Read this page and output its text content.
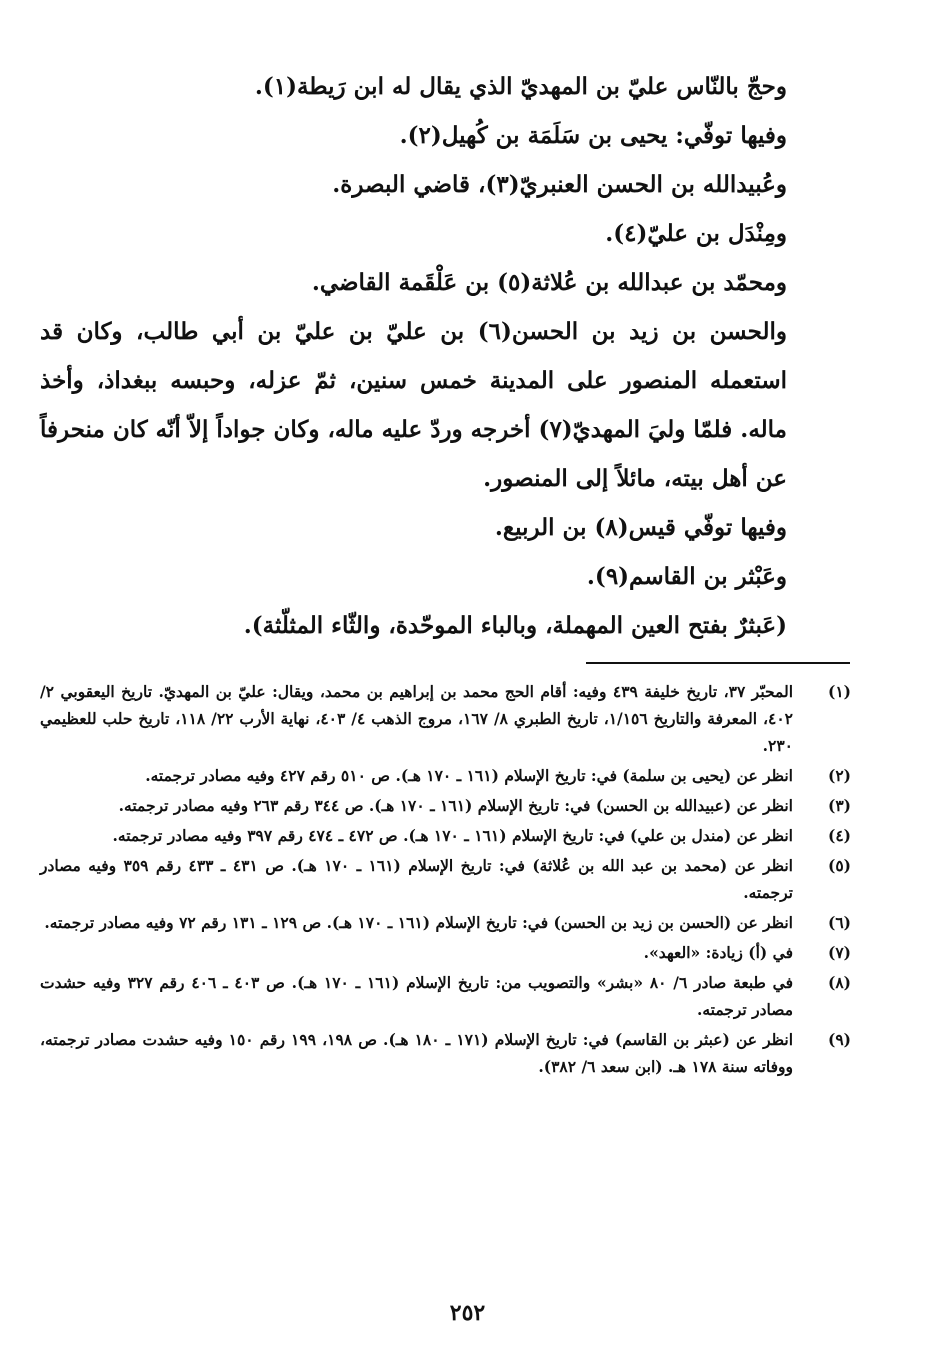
وحجّ بالنّاس عليّ بن المهديّ الذي يقال له ابن رَيطة(١).

وفيها توفّي: يحيى بن سَلَمَة بن كُهيل(٢).

وعُبيدالله بن الحسن العنبريّ(٣)، قاضي البصرة.

ومِنْدَل بن عليّ(٤).

ومحمّد بن عبدالله بن عُلاثة(٥) بن عَلْقَمة القاضي.

والحسن بن زيد بن الحسن(٦) بن عليّ بن عليّ بن أبي طالب، وكان قد استعمله المنصور على المدينة خمس سنين، ثمّ عزله، وحبسه ببغداذ، وأخذ ماله. فلمّا وليَ المهديّ(٧) أخرجه وردّ عليه ماله، وكان جواداً إلاّ أنّه كان منحرفاً عن أهل بيته، مائلاً إلى المنصور.

وفيها توفّي قيس(٨) بن الربيع.

وعَبْثر بن القاسم(٩).

(عَبثرٌ بفتح العين المهملة، وبالباء الموحّدة، والثّاء المثلّثة).

(١)
المحبّر ٣٧، تاريخ خليفة ٤٣٩ وفيه: أقام الحج محمد بن إبراهيم بن محمد، ويقال: عليّ بن المهديّ. تاريخ اليعقوبي ٢/ ٤٠٢، المعرفة والتاريخ ١/١٥٦، تاريخ الطبري ٨/ ١٦٧، مروج الذهب ٤/ ٤٠٣، نهاية الأرب ٢٢/ ١١٨، تاريخ حلب للعظيمي ٢٣٠.
(٢)
انظر عن (يحيى بن سلمة) في: تاريخ الإسلام (١٦١ ـ ١٧٠ هـ). ص ٥١٠ رقم ٤٢٧ وفيه مصادر ترجمته.
(٣)
انظر عن (عبيدالله بن الحسن) في: تاريخ الإسلام (١٦١ ـ ١٧٠ هـ). ص ٣٤٤ رقم ٢٦٣ وفيه مصادر ترجمته.
(٤)
انظر عن (مندل بن علي) في: تاريخ الإسلام (١٦١ ـ ١٧٠ هـ). ص ٤٧٢ ـ ٤٧٤ رقم ٣٩٧ وفيه مصادر ترجمته.
(٥)
انظر عن (محمد بن عبد الله بن عُلاثة) في: تاريخ الإسلام (١٦١ ـ ١٧٠ هـ). ص ٤٣١ ـ ٤٣٣ رقم ٣٥٩ وفيه مصادر ترجمته.
(٦)
انظر عن (الحسن بن زيد بن الحسن) في: تاريخ الإسلام (١٦١ ـ ١٧٠ هـ). ص ١٢٩ ـ ١٣١ رقم ٧٢ وفيه مصادر ترجمته.
(٧)
في (أ) زيادة: «العهد».
(٨)
في طبعة صادر ٦/ ٨٠ «بشر» والتصويب من: تاريخ الإسلام (١٦١ ـ ١٧٠ هـ). ص ٤٠٣ ـ ٤٠٦ رقم ٣٢٧ وفيه حشدت مصادر ترجمته.
(٩)
انظر عن (عبثر بن القاسم) في: تاريخ الإسلام (١٧١ ـ ١٨٠ هـ). ص ١٩٨، ١٩٩ رقم ١٥٠ وفيه حشدت مصادر ترجمته، ووفاته سنة ١٧٨ هـ. (ابن سعد ٦/ ٣٨٢).
٢٥٢
